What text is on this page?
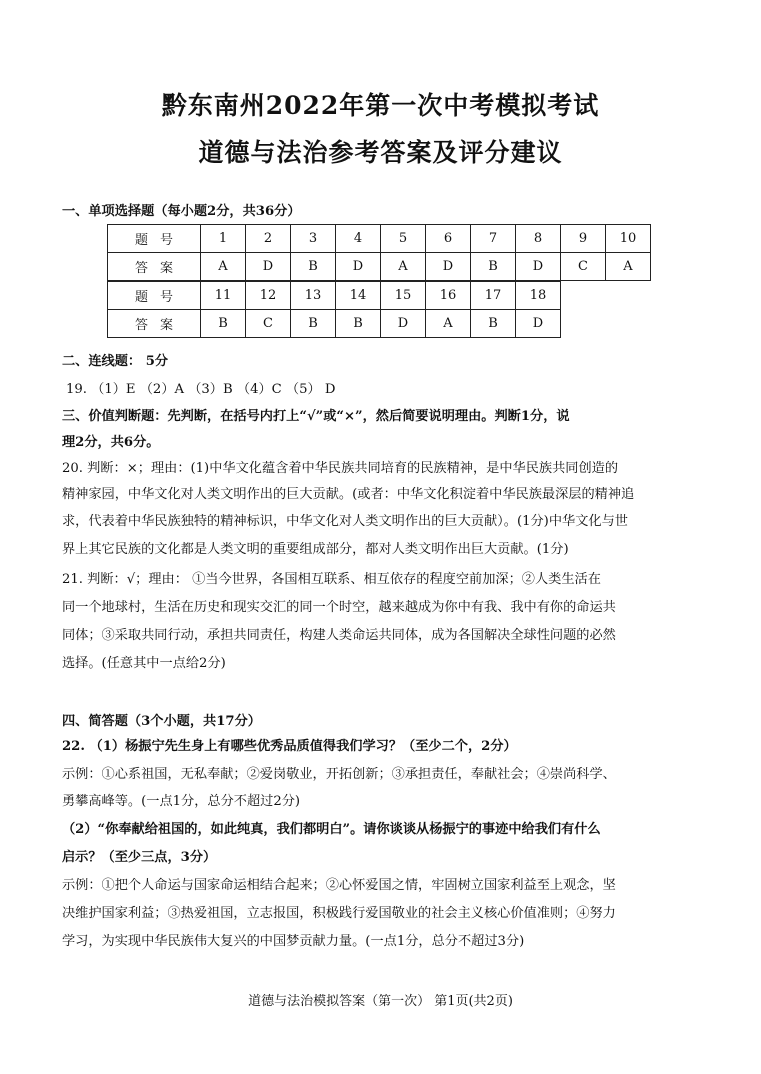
黔东南州2022年第一次中考模拟考试
道德与法治参考答案及评分建议
一、单项选择题（每小题2分，共36分）
题号	1	2	3	4	5	6	7	8	9	10
答案	A	D	B	D	A	D	B	D	C	A
题号	11	12	13	14	15	16	17	18
答案	B	C	B	B	D	A	B	D
二、连线题： 5分
19. （1）E （2）A （3）B （4）C （5） D
三、价值判断题：先判断，在括号内打上“√”或“×”，然后简要说明理由。判断1分，说
理2分，共6分。
20. 判断：×；理由：(1)中华文化蕴含着中华民族共同培育的民族精神，是中华民族共同创造的
精神家园，中华文化对人类文明作出的巨大贡献。(或者：中华文化积淀着中华民族最深层的精神追
求，代表着中华民族独特的精神标识，中华文化对人类文明作出的巨大贡献）。(1分)中华文化与世
界上其它民族的文化都是人类文明的重要组成部分，都对人类文明作出巨大贡献。(1分)
21. 判断：√；理由： ①当今世界，各国相互联系、相互依存的程度空前加深；②人类生活在
同一个地球村，生活在历史和现实交汇的同一个时空，越来越成为你中有我、我中有你的命运共
同体；③采取共同行动，承担共同责任，构建人类命运共同体，成为各国解决全球性问题的必然
选择。(任意其中一点给2分)
四、简答题（3个小题，共17分）
22. （1）杨振宁先生身上有哪些优秀品质值得我们学习？（至少二个，2分）
示例：①心系祖国，无私奉献；②爱岗敬业，开拓创新；③承担责任，奉献社会；④崇尚科学、
勇攀高峰等。(一点1分，总分不超过2分)
（2）“你奉献给祖国的，如此纯真，我们都明白”。请你谈谈从杨振宁的事迹中给我们有什么
启示？（至少三点，3分）
示例：①把个人命运与国家命运相结合起来；②心怀爱国之情，牢固树立国家利益至上观念，坚
决维护国家利益；③热爱祖国，立志报国，积极践行爱国敬业的社会主义核心价值准则；④努力
学习，为实现中华民族伟大复兴的中国梦贡献力量。(一点1分，总分不超过3分)
道德与法治模拟答案（第一次） 第1页(共2页)
